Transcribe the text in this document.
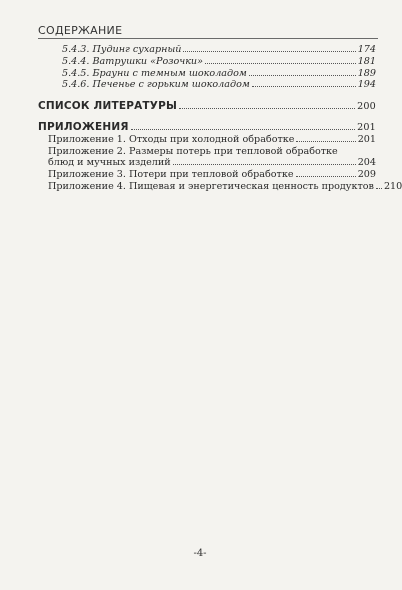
СОДЕРЖАНИЕ
5.4.3. Пудинг сухарный	174
5.4.4. Ватрушки «Розочки»	181
5.4.5. Брауни с темным шоколадом	189
5.4.6. Печенье с горьким шоколадом	194
СПИСОК ЛИТЕРАТУРЫ	200
ПРИЛОЖЕНИЯ	201
Приложение 1. Отходы при холодной обработке	201
Приложение 2. Размеры потерь при тепловой обработке
блюд и мучных изделий	204
Приложение 3. Потери при тепловой обработке	209
Приложение 4. Пищевая и энергетическая ценность продуктов 210
-4-
